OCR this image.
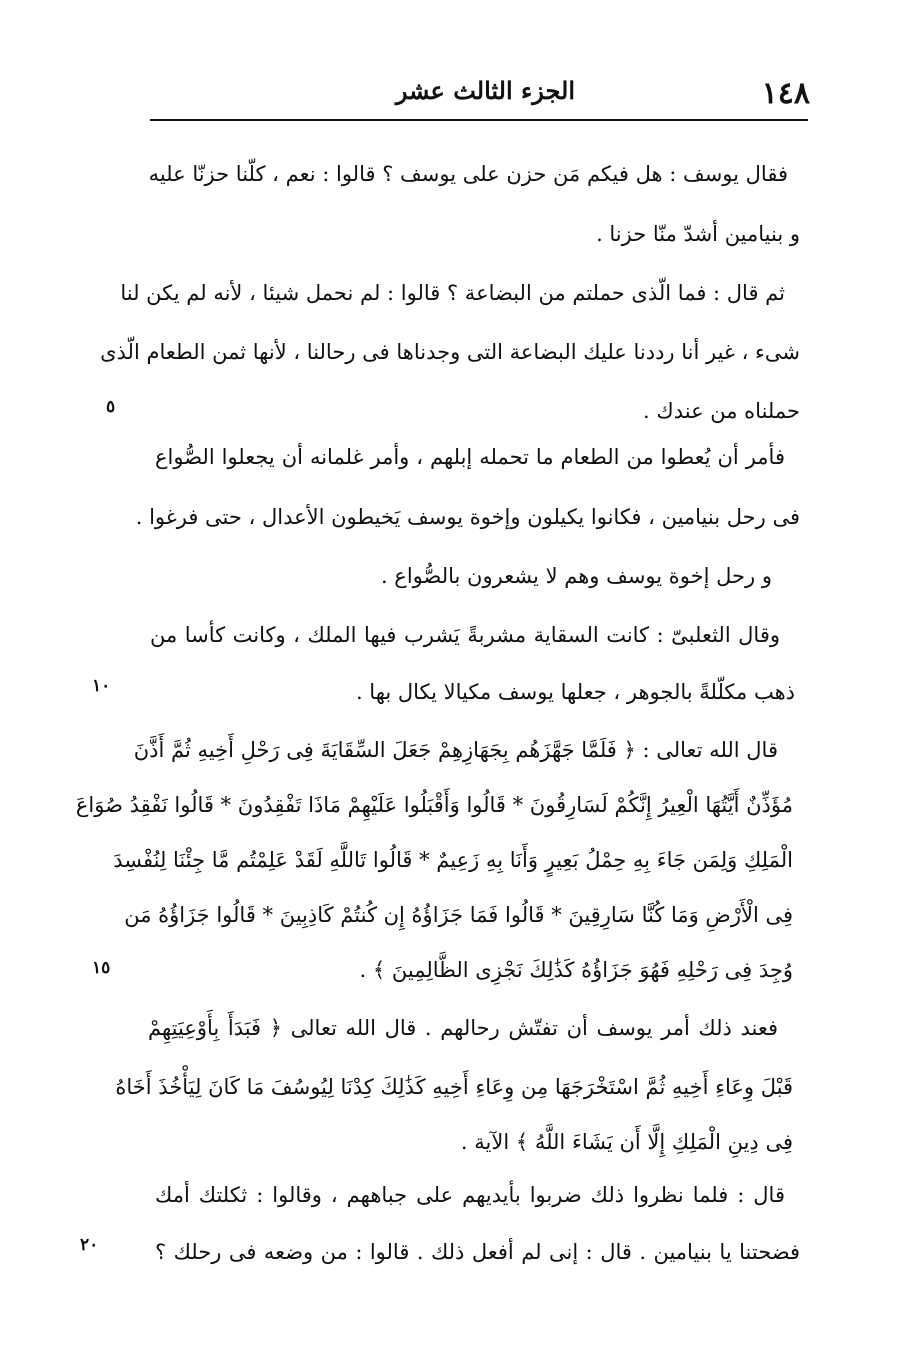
١٤٨
الجزء الثالث عشر
٥
١٠
١٥
٢٠
فقال يوسف : هل فيكم مَن حزن على يوسف ؟ قالوا : نعم ، كلّنا حزنّا عليه
و بنيامين أشدّ منّا حزنا .
ثم قال : فما الّذى حملتم من البضاعة ؟ قالوا : لم نحمل شيئا ، لأنه لم يكن لنا
شىء ، غير أنا رددنا عليك البضاعة التى وجدناها فى رحالنا ، لأنها ثمن الطعام الّذى
حملناه من عندك .
فأمر أن يُعطوا من الطعام ما تحمله إبلهم ، وأمر غلمانه أن يجعلوا الصُّواع
فى رحل بنيامين ، فكانوا يكيلون وإخوة يوسف يَخيطون الأعدال ، حتى فرغوا .
و رحل إخوة يوسف وهم لا يشعرون بالصُّواع .
وقال الثعلبىّ : كانت السقاية مشربةً يَشرب فيها الملك ، وكانت كأسا من
ذهب مكلّلةً بالجوهر ، جعلها يوسف مكيالا يكال بها .
قال الله تعالى : ﴿ فَلَمَّا جَهَّزَهُم بِجَهَازِهِمْ جَعَلَ السِّقَايَةَ فِى رَحْلِ أَخِيهِ ثُمَّ أَذَّنَ
مُؤَذِّنٌ أَيَّتُهَا الْعِيرُ إِنَّكُمْ لَسَارِقُونَ * قَالُوا وَأَقْبَلُوا عَلَيْهِمْ مَاذَا تَفْقِدُونَ * قَالُوا نَفْقِدُ صُوَاعَ
الْمَلِكِ وَلِمَن جَاءَ بِهِ حِمْلُ بَعِيرٍ وَأَنَا بِهِ زَعِيمٌ * قَالُوا تَاللَّهِ لَقَدْ عَلِمْتُم مَّا جِئْنَا لِنُفْسِدَ
فِى الْأَرْضِ وَمَا كُنَّا سَارِقِينَ * قَالُوا فَمَا جَزَاؤُهُ إِن كُنتُمْ كَاذِبِينَ * قَالُوا جَزَاؤُهُ مَن
وُجِدَ فِى رَحْلِهِ فَهُوَ جَزَاؤُهُ كَذَٰلِكَ نَجْزِى الظَّالِمِينَ ﴾ .
فعند ذلك أمر يوسف أن تفتّش رحالهم . قال الله تعالى ﴿ فَبَدَأَ بِأَوْعِيَتِهِمْ
قَبْلَ وِعَاءِ أَخِيهِ ثُمَّ اسْتَخْرَجَهَا مِن وِعَاءِ أَخِيهِ كَذَٰلِكَ كِدْنَا لِيُوسُفَ مَا كَانَ لِيَأْخُذَ أَخَاهُ
فِى دِينِ الْمَلِكِ إِلَّا أَن يَشَاءَ اللَّهُ ﴾ الآية .
قال : فلما نظروا ذلك ضربوا بأيديهم على جباههم ، وقالوا : ثكلتك أمك
فضحتنا يا بنيامين . قال : إنى لم أفعل ذلك . قالوا : من وضعه فى رحلك ؟
